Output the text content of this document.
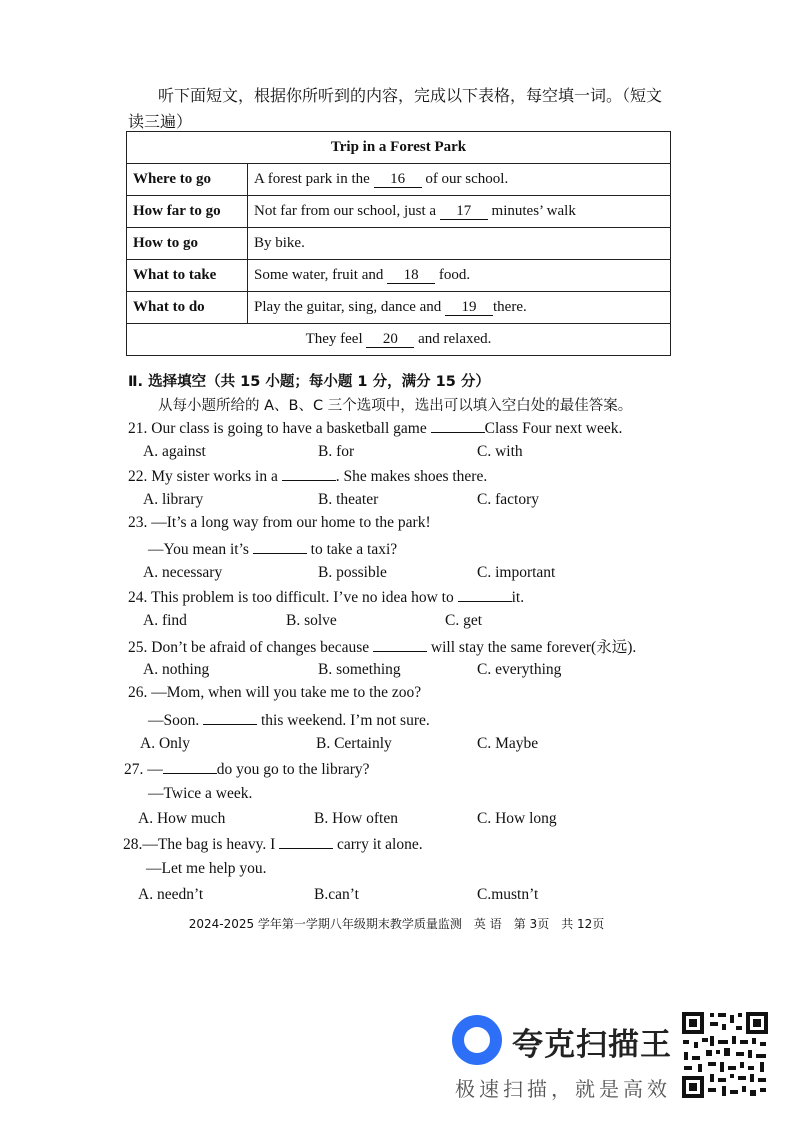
听下面短文，根据你所听到的内容，完成以下表格，每空填一词。（短文读三遍）
Trip in a Forest Park	
Where to go	A forest park in the 16 of our school.
How far to go	Not far from our school, just a 17 minutes’ walk
How to go	By bike.
What to take	Some water, fruit and 18 food.
What to do	Play the guitar, sing, dance and 19 there.
They feel 20 and relaxed.	
Ⅱ. 选择填空（共 15 小题；每小题 1 分，满分 15 分）
从每小题所给的 A、B、C 三个选项中，选出可以填入空白处的最佳答案。
21. Our class is going to have a basketball game	Class Four next week.
A. against	B. for	C. with
22. My sister works in a	. She makes shoes there.
A. library	B. theater	C. factory
23. —It’s a long way from our home to the park!
—You mean it’s	to take a taxi?
A. necessary	B. possible	C. important
24. This problem is too difficult. I’ve no idea how to	it.
A. find	B. solve	C. get
25. Don’t be afraid of changes because	will stay the same forever(永远).
A. nothing	B. something	C. everything
26. —Mom, when will you take me to the zoo?
—Soon.	this weekend. I’m not sure.
A. Only	B. Certainly	C. Maybe
27. —	do you go to the library?
—Twice a week.
A. How much	B. How often	C. How long
28.—The bag is heavy. I	carry it alone.
—Let me help you.
A. needn’t	B.can’t	C.mustn’t
2024-2025 学年第一学期八年级期末教学质量监测　英 语　第 3页　共 12页
夸克扫描王
极速扫描，就是高效
